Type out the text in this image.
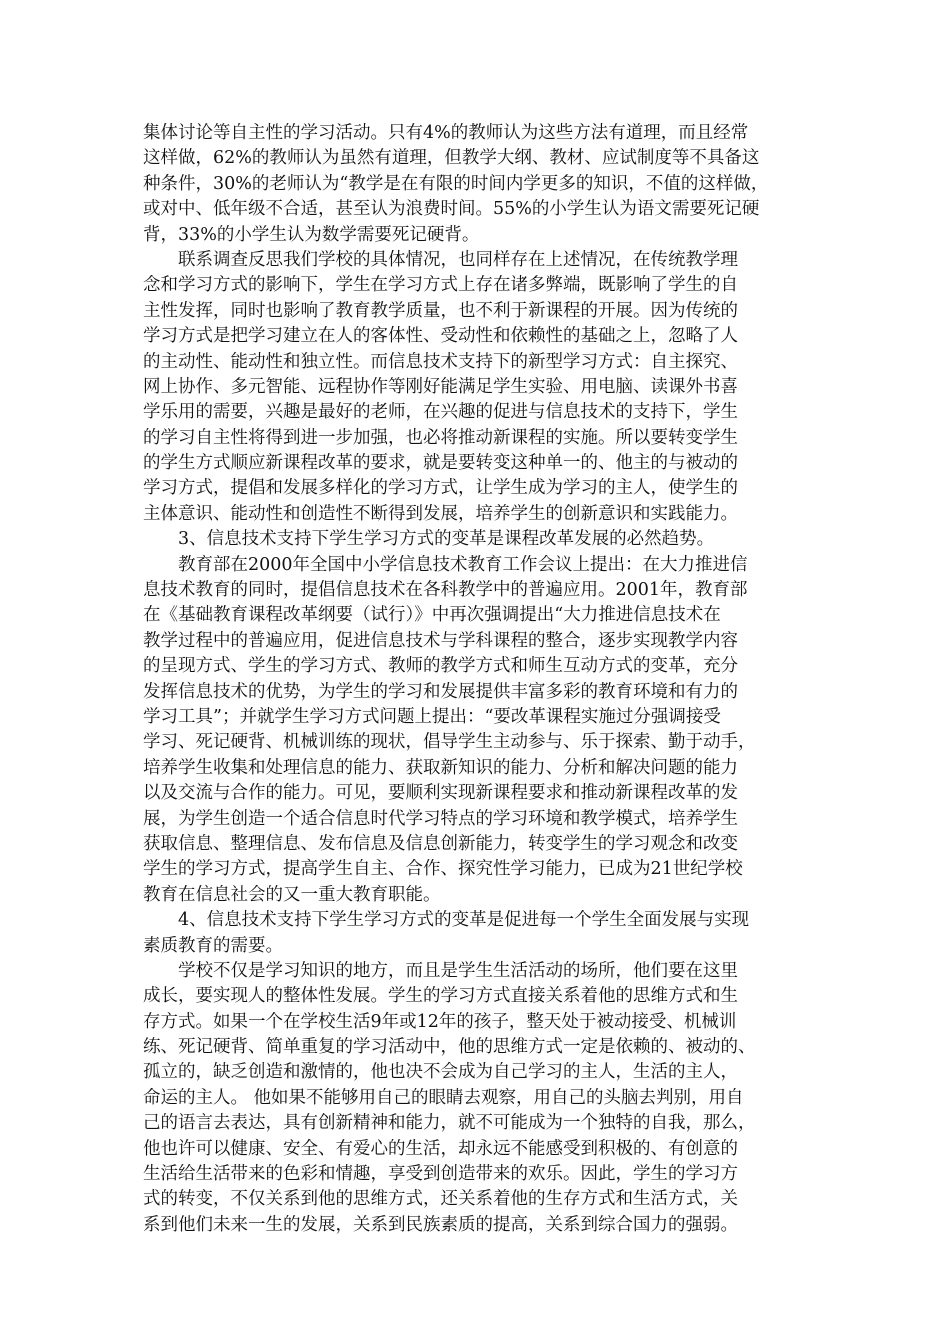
集体讨论等自主性的学习活动。只有4%的教师认为这些方法有道理，而且经常
这样做，62%的教师认为虽然有道理，但教学大纲、教材、应试制度等不具备这
种条件，30%的老师认为“教学是在有限的时间内学更多的知识，不值的这样做，
或对中、低年级不合适，甚至认为浪费时间。55%的小学生认为语文需要死记硬
背，33%的小学生认为数学需要死记硬背。
　　联系调查反思我们学校的具体情况，也同样存在上述情况，在传统教学理
念和学习方式的影响下，学生在学习方式上存在诸多弊端，既影响了学生的自
主性发挥，同时也影响了教育教学质量，也不利于新课程的开展。因为传统的
学习方式是把学习建立在人的客体性、受动性和依赖性的基础之上，忽略了人
的主动性、能动性和独立性。而信息技术支持下的新型学习方式：自主探究、
网上协作、多元智能、远程协作等刚好能满足学生实验、用电脑、读课外书喜
学乐用的需要，兴趣是最好的老师，在兴趣的促进与信息技术的支持下，学生
的学习自主性将得到进一步加强，也必将推动新课程的实施。所以要转变学生
的学生方式顺应新课程改革的要求，就是要转变这种单一的、他主的与被动的
学习方式，提倡和发展多样化的学习方式，让学生成为学习的主人，使学生的
主体意识、能动性和创造性不断得到发展，培养学生的创新意识和实践能力。
　　3、信息技术支持下学生学习方式的变革是课程改革发展的必然趋势。
　　教育部在2000年全国中小学信息技术教育工作会议上提出：在大力推进信
息技术教育的同时，提倡信息技术在各科教学中的普遍应用。2001年，教育部
在《基础教育课程改革纲要（试行）》中再次强调提出“大力推进信息技术在
教学过程中的普遍应用，促进信息技术与学科课程的整合，逐步实现教学内容
的呈现方式、学生的学习方式、教师的教学方式和师生互动方式的变革，充分
发挥信息技术的优势，为学生的学习和发展提供丰富多彩的教育环境和有力的
学习工具”；并就学生学习方式问题上提出：“要改革课程实施过分强调接受
学习、死记硬背、机械训练的现状，倡导学生主动参与、乐于探索、勤于动手，
培养学生收集和处理信息的能力、获取新知识的能力、分析和解决问题的能力
以及交流与合作的能力。可见，要顺利实现新课程要求和推动新课程改革的发
展，为学生创造一个适合信息时代学习特点的学习环境和教学模式，培养学生
获取信息、整理信息、发布信息及信息创新能力，转变学生的学习观念和改变
学生的学习方式，提高学生自主、合作、探究性学习能力，已成为21世纪学校
教育在信息社会的又一重大教育职能。
　　4、信息技术支持下学生学习方式的变革是促进每一个学生全面发展与实现
素质教育的需要。
　　学校不仅是学习知识的地方，而且是学生生活活动的场所，他们要在这里
成长，要实现人的整体性发展。学生的学习方式直接关系着他的思维方式和生
存方式。如果一个在学校生活9年或12年的孩子，整天处于被动接受、机械训
练、死记硬背、简单重复的学习活动中，他的思维方式一定是依赖的、被动的、
孤立的，缺乏创造和激情的，他也决不会成为自己学习的主人，生活的主人，
命运的主人。 他如果不能够用自己的眼睛去观察，用自己的头脑去判别，用自
己的语言去表达，具有创新精神和能力，就不可能成为一个独特的自我，那么，
他也许可以健康、安全、有爱心的生活，却永远不能感受到积极的、有创意的
生活给生活带来的色彩和情趣，享受到创造带来的欢乐。因此，学生的学习方
式的转变，不仅关系到他的思维方式，还关系着他的生存方式和生活方式，关
系到他们未来一生的发展，关系到民族素质的提高，关系到综合国力的强弱。
